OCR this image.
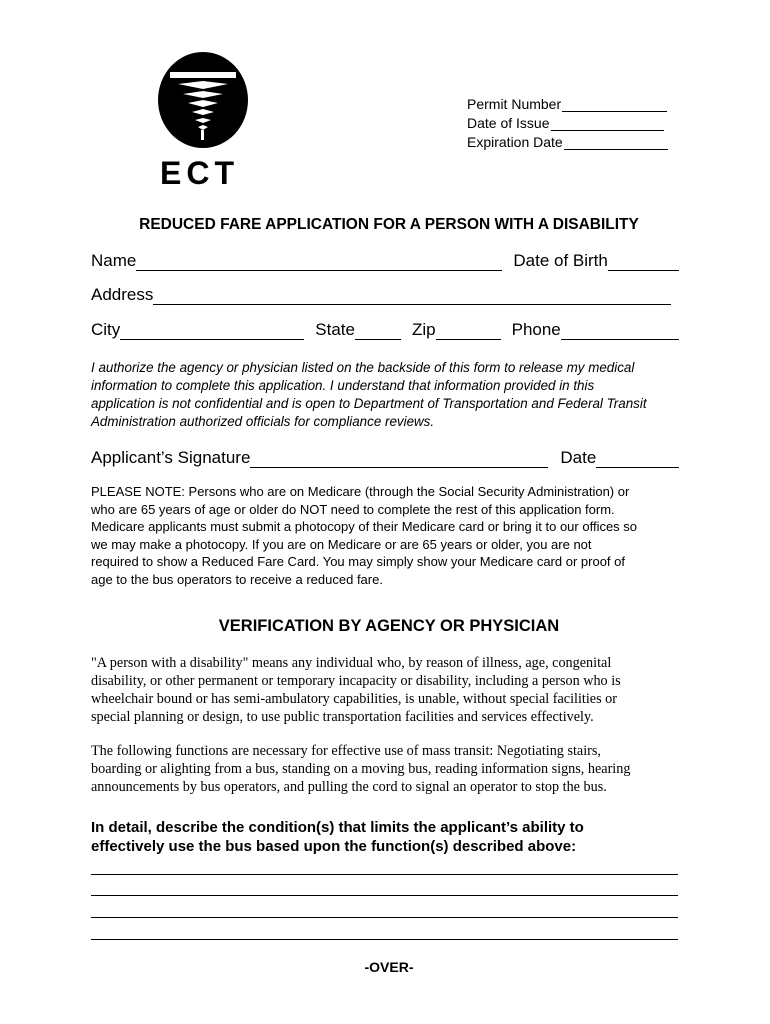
ECT
Permit Number
Date of Issue
Expiration Date
REDUCED FARE APPLICATION FOR A PERSON WITH A DISABILITY
Name	Date of Birth
Address
City	State	Zip	Phone

I authorize the agency or physician listed on the backside of this form to release my medical
information to complete this application. I understand that information provided in this
application is not confidential and is open to Department of Transportation and Federal Transit
Administration authorized officials for compliance reviews.

Applicant’s Signature	Date

PLEASE NOTE: Persons who are on Medicare (through the Social Security Administration) or
who are 65 years of age or older do NOT need to complete the rest of this application form.
Medicare applicants must submit a photocopy of their Medicare card or bring it to our offices so
we may make a photocopy. If you are on Medicare or are 65 years or older, you are not
required to show a Reduced Fare Card. You may simply show your Medicare card or proof of
age to the bus operators to receive a reduced fare.

VERIFICATION BY AGENCY OR PHYSICIAN

"A person with a disability" means any individual who, by reason of illness, age, congenital
disability, or other permanent or temporary incapacity or disability, including a person who is
wheelchair bound or has semi-ambulatory capabilities, is unable, without special facilities or
special planning or design, to use public transportation facilities and services effectively.

The following functions are necessary for effective use of mass transit: Negotiating stairs,
boarding or alighting from a bus, standing on a moving bus, reading information signs, hearing
announcements by bus operators, and pulling the cord to signal an operator to stop the bus.

In detail, describe the condition(s) that limits the applicant’s ability to
effectively use the bus based upon the function(s) described above:

-OVER-
